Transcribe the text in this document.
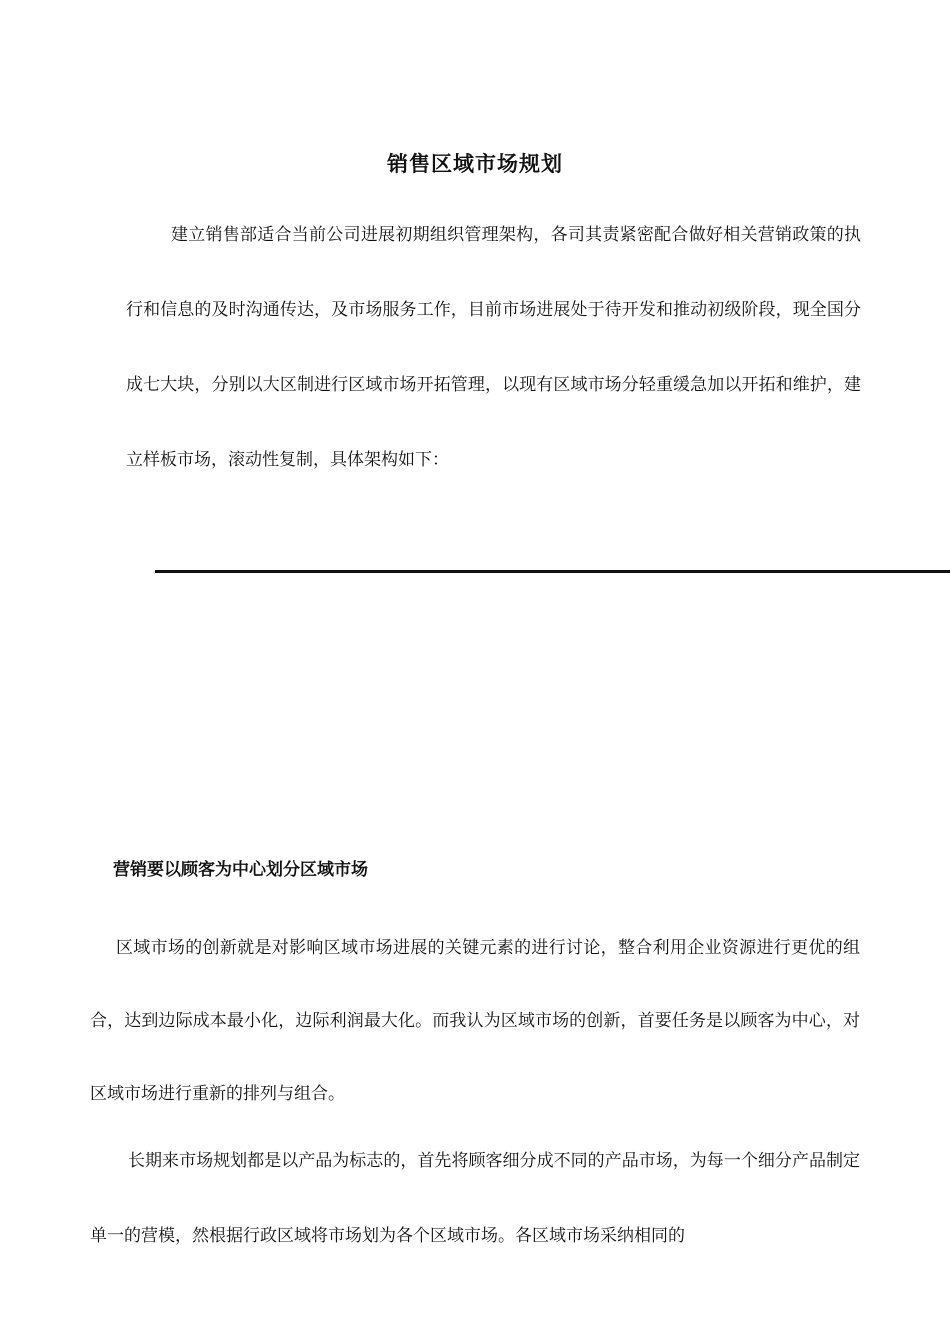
销售区域市场规划

建立销售部适合当前公司进展初期组织管理架构，各司其责紧密配合做好相关营销政策的执行和信息的及时沟通传达，及市场服务工作，目前市场进展处于待开发和推动初级阶段，现全国分成七大块，分别以大区制进行区域市场开拓管理，以现有区域市场分轻重缓急加以开拓和维护，建立样板市场，滚动性复制，具体架构如下：

营销要以顾客为中心划分区域市场

区域市场的创新就是对影响区域市场进展的关键元素的进行讨论，整合利用企业资源进行更优的组合，达到边际成本最小化，边际利润最大化。而我认为区域市场的创新，首要任务是以顾客为中心，对区域市场进行重新的排列与组合。

长期来市场规划都是以产品为标志的，首先将顾客细分成不同的产品市场，为每一个细分产品制定单一的营模，然根据行政区域将市场划为各个区域市场。各区域市场采纳相同的
